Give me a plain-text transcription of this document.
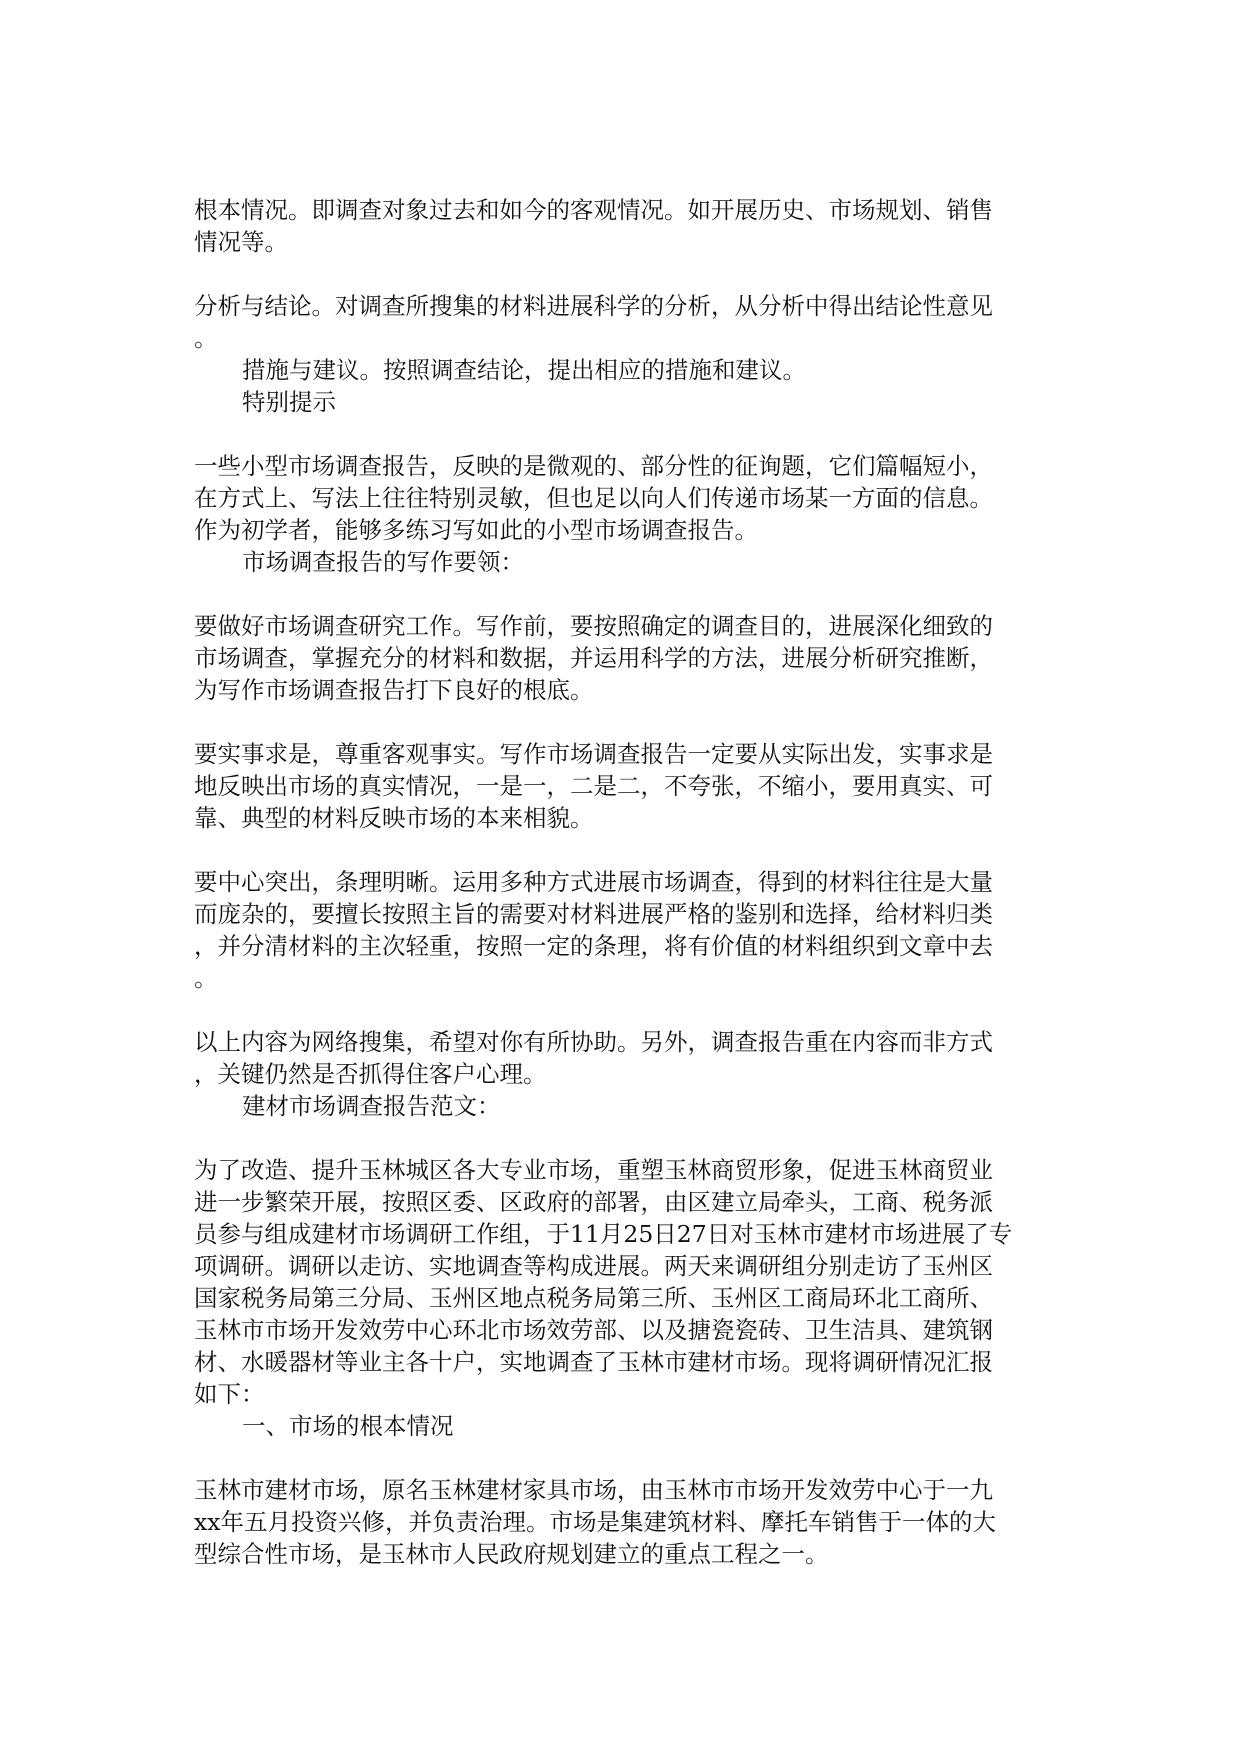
根本情况。即调查对象过去和如今的客观情况。如开展历史、市场规划、销售
情况等。
分析与结论。对调查所搜集的材料进展科学的分析，从分析中得出结论性意见
。
措施与建议。按照调查结论，提出相应的措施和建议。
特别提示
一些小型市场调查报告，反映的是微观的、部分性的征询题，它们篇幅短小，
在方式上、写法上往往特别灵敏，但也足以向人们传递市场某一方面的信息。
作为初学者，能够多练习写如此的小型市场调查报告。
市场调查报告的写作要领：
要做好市场调查研究工作。写作前，要按照确定的调查目的，进展深化细致的
市场调查，掌握充分的材料和数据，并运用科学的方法，进展分析研究推断，
为写作市场调查报告打下良好的根底。
要实事求是，尊重客观事实。写作市场调查报告一定要从实际出发，实事求是
地反映出市场的真实情况，一是一，二是二，不夸张，不缩小，要用真实、可
靠、典型的材料反映市场的本来相貌。
要中心突出，条理明晰。运用多种方式进展市场调查，得到的材料往往是大量
而庞杂的，要擅长按照主旨的需要对材料进展严格的鉴别和选择，给材料归类
，并分清材料的主次轻重，按照一定的条理，将有价值的材料组织到文章中去
。
以上内容为网络搜集，希望对你有所协助。另外，调查报告重在内容而非方式
，关键仍然是否抓得住客户心理。
建材市场调查报告范文：
为了改造、提升玉林城区各大专业市场，重塑玉林商贸形象，促进玉林商贸业
进一步繁荣开展，按照区委、区政府的部署，由区建立局牵头，工商、税务派
员参与组成建材市场调研工作组，于11月25日27日对玉林市建材市场进展了专
项调研。调研以走访、实地调查等构成进展。两天来调研组分别走访了玉州区
国家税务局第三分局、玉州区地点税务局第三所、玉州区工商局环北工商所、
玉林市市场开发效劳中心环北市场效劳部、以及搪瓷瓷砖、卫生洁具、建筑钢
材、水暖器材等业主各十户，实地调查了玉林市建材市场。现将调研情况汇报
如下：
一、市场的根本情况
玉林市建材市场，原名玉林建材家具市场，由玉林市市场开发效劳中心于一九
xx年五月投资兴修，并负责治理。市场是集建筑材料、摩托车销售于一体的大
型综合性市场，是玉林市人民政府规划建立的重点工程之一。
